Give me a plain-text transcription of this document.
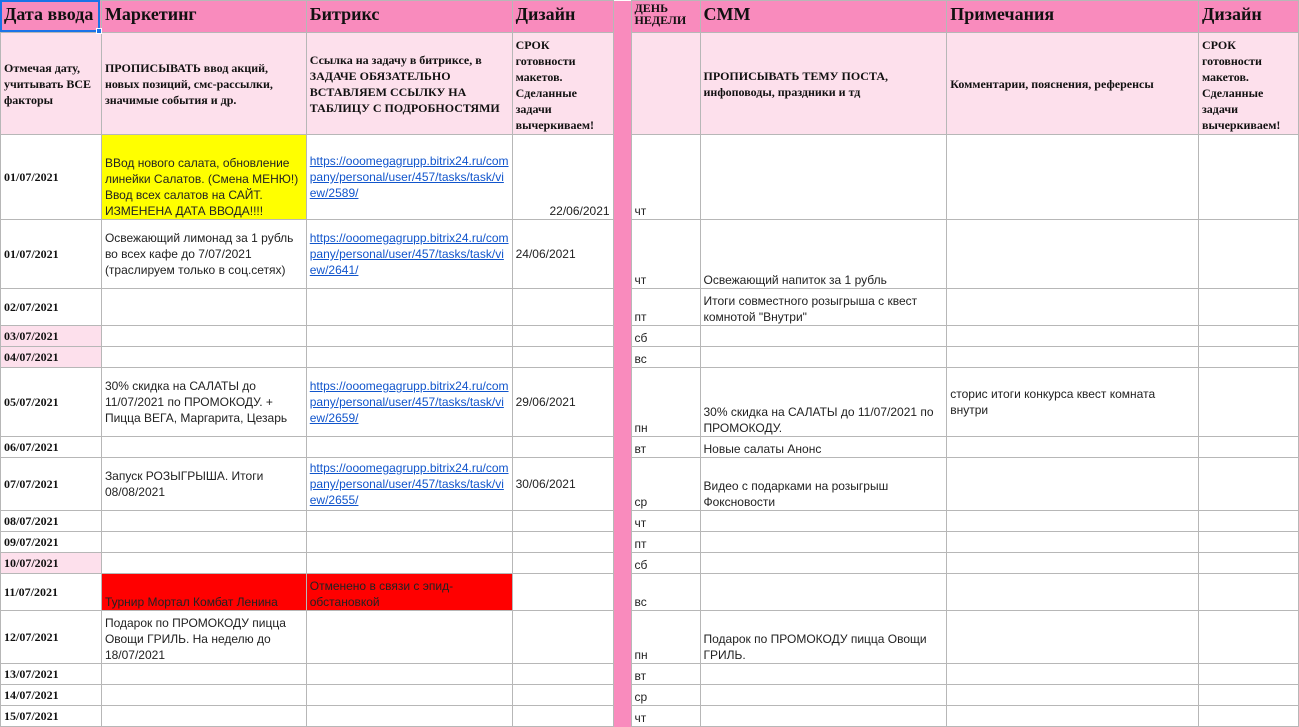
Дата ввода	Маркетинг	Битрикс	Дизайн		ДЕНЬ НЕДЕЛИ	СММ	Примечания	Дизайн
Отмечая дату, учитывать ВСЕ факторы	ПРОПИСЫВАТЬ ввод акций, новых позиций, смс-рассылки, значимые события и др.	Ссылка на задачу в битриксе, в ЗАДАЧЕ ОБЯЗАТЕЛЬНО ВСТАВЛЯЕМ ССЫЛКУ НА ТАБЛИЦУ С ПОДРОБНОСТЯМИ	СРОК готовности макетов. Сделанные задачи вычеркиваем!			ПРОПИСЫВАТЬ ТЕМУ ПОСТА, инфоповоды, праздники и тд	Комментарии, пояснения, референсы	СРОК готовности макетов. Сделанные задачи вычеркиваем!
01/07/2021	ВВод нового салата, обновление линейки Салатов. (Смена МЕНЮ!) Ввод всех салатов на САЙТ. ИЗМЕНЕНА ДАТА ВВОДА!!!!	https://ooomegagrupp.bitrix24.ru/company/personal/user/457/tasks/task/view/2589/	22/06/2021		чт			
01/07/2021	Освежающий лимонад за 1 рубль во всех кафе до 7/07/2021 (траслируем только в соц.сетях)	https://ooomegagrupp.bitrix24.ru/company/personal/user/457/tasks/task/view/2641/	24/06/2021		чт	Освежающий напиток за 1 рубль		
02/07/2021					пт	Итоги совместного розыгрыша с квест комнотой "Внутри"		
03/07/2021					сб			
04/07/2021					вс			
05/07/2021	30% скидка на САЛАТЫ до 11/07/2021 по ПРОМОКОДУ. + Пицца ВЕГА, Маргарита, Цезарь	https://ooomegagrupp.bitrix24.ru/company/personal/user/457/tasks/task/view/2659/	29/06/2021		пн	30% скидка на САЛАТЫ до 11/07/2021 по ПРОМОКОДУ.	сторис итоги конкурса квест комната внутри	
06/07/2021					вт	Новые салаты Анонс		
07/07/2021	Запуск РОЗЫГРЫША. Итоги 08/08/2021	https://ooomegagrupp.bitrix24.ru/company/personal/user/457/tasks/task/view/2655/	30/06/2021		ср	Видео с подарками на розыгрыш Фоксновости		
08/07/2021					чт			
09/07/2021					пт			
10/07/2021					сб			
11/07/2021	Турнир Мортал Комбат Ленина	Отменено в связи с эпид-обстановкой			вс			
12/07/2021	Подарок по ПРОМОКОДУ пицца Овощи ГРИЛЬ. На неделю до 18/07/2021				пн	Подарок по ПРОМОКОДУ пицца Овощи ГРИЛЬ.		
13/07/2021					вт			
14/07/2021					ср			
15/07/2021					чт			
